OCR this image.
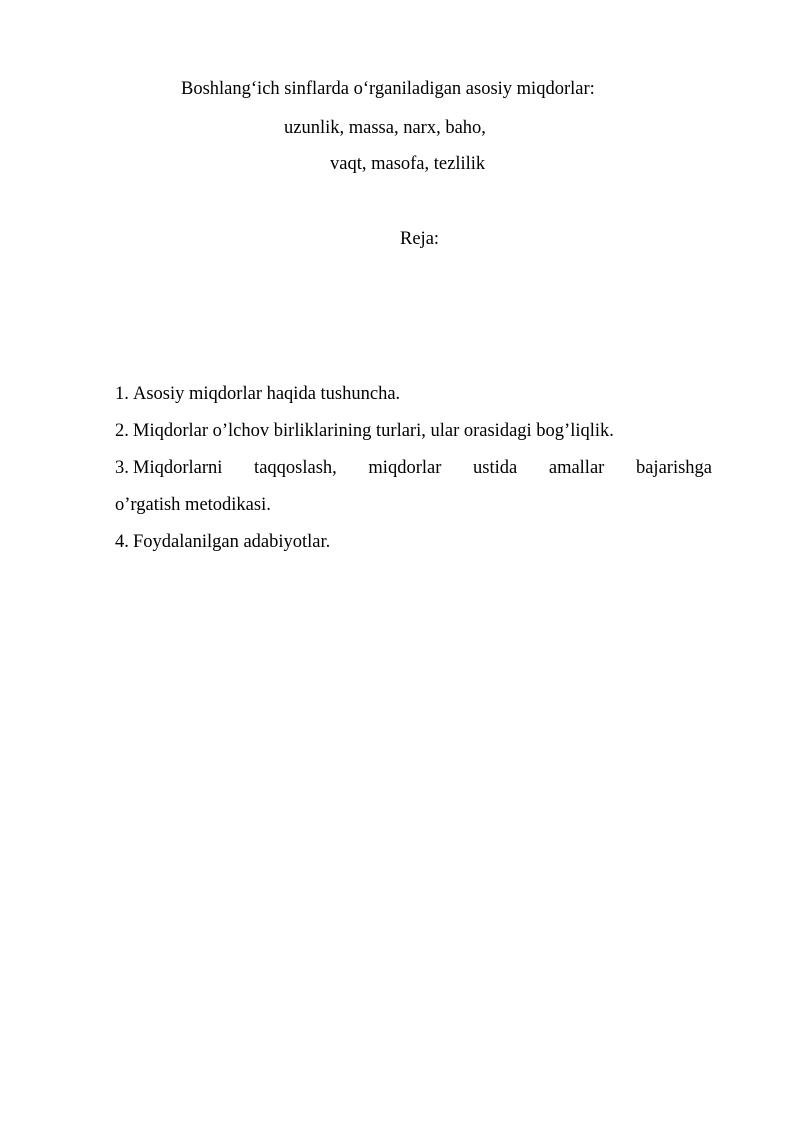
Boshlang‘ich sinflarda o‘rganiladigan asosiy miqdorlar:
uzunlik, massa, narx, baho,
vaqt, masofa, tezlilik
Reja:
1. Asosiy miqdorlar haqida tushuncha.
2. Miqdorlar o’lchov birliklarining turlari, ular orasidagi bog’liqlik.
3. Miqdorlarni taqqoslash, miqdorlar ustida amallar bajarishga
o’rgatish metodikasi.
4. Foydalanilgan adabiyotlar.
